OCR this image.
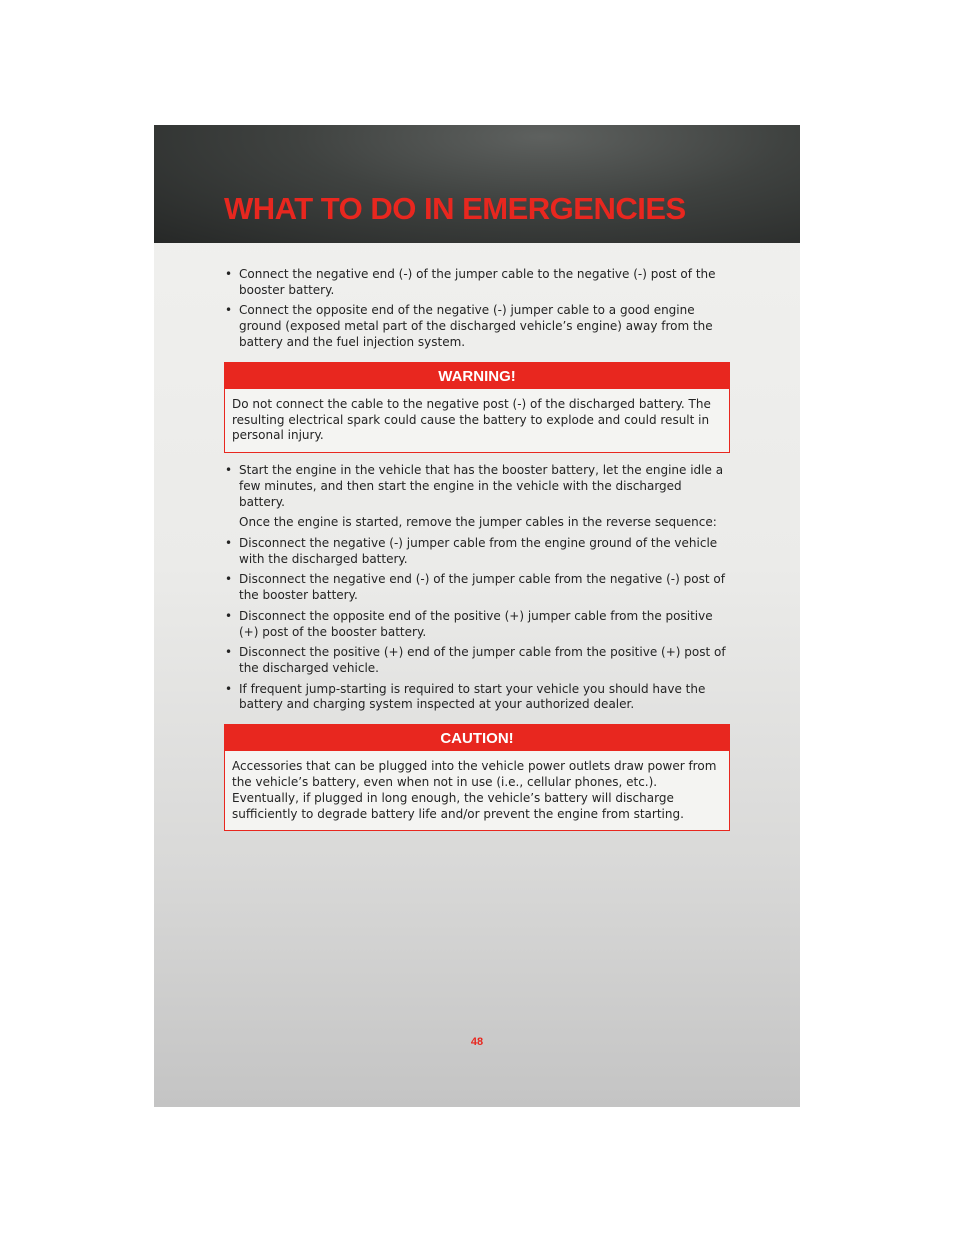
WHAT TO DO IN EMERGENCIES
• Connect the negative end (-) of the jumper cable to the negative (-) post of the booster battery.
• Connect the opposite end of the negative (-) jumper cable to a good engine ground (exposed metal part of the discharged vehicle’s engine) away from the battery and the fuel injection system.
WARNING!
Do not connect the cable to the negative post (-) of the discharged battery. The resulting electrical spark could cause the battery to explode and could result in personal injury.
• Start the engine in the vehicle that has the booster battery, let the engine idle a few minutes, and then start the engine in the vehicle with the discharged battery.

Once the engine is started, remove the jumper cables in the reverse sequence:

• Disconnect the negative (-) jumper cable from the engine ground of the vehicle with the discharged battery.
• Disconnect the negative end (-) of the jumper cable from the negative (-) post of the booster battery.
• Disconnect the opposite end of the positive (+) jumper cable from the positive (+) post of the booster battery.
• Disconnect the positive (+) end of the jumper cable from the positive (+) post of the discharged vehicle.
• If frequent jump-starting is required to start your vehicle you should have the battery and charging system inspected at your authorized dealer.
CAUTION!
Accessories that can be plugged into the vehicle power outlets draw power from the vehicle’s battery, even when not in use (i.e., cellular phones, etc.). Eventually, if plugged in long enough, the vehicle’s battery will discharge sufficiently to degrade battery life and/or prevent the engine from starting.
48
